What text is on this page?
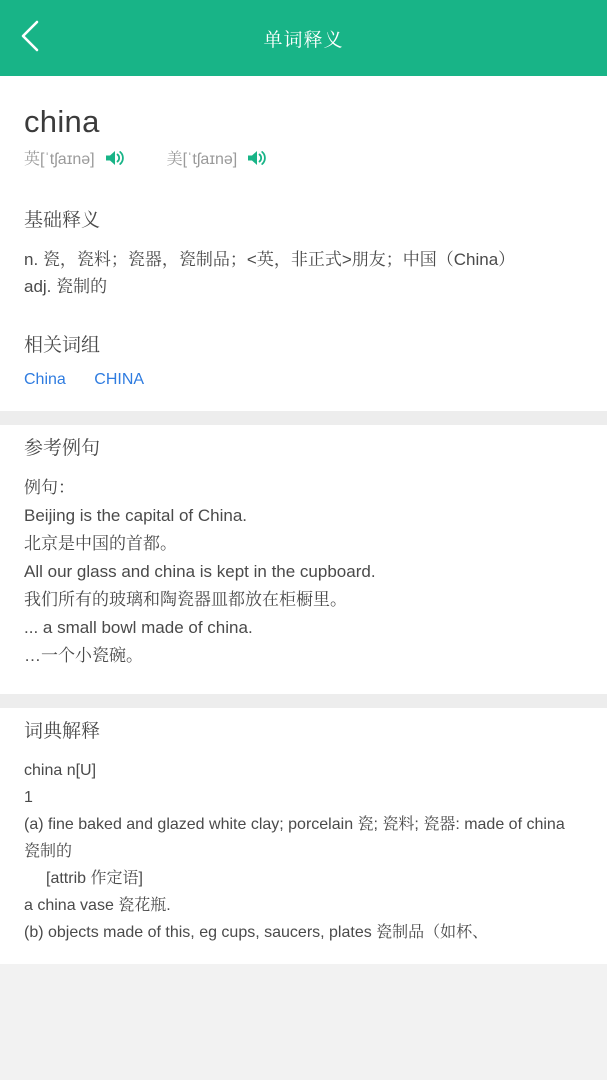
单词释义
china
英[ˈtʃaɪnə]	美[ˈtʃaɪnə]
基础释义
n. 瓷，瓷料；瓷器，瓷制品；<英，非正式>朋友；中国（China）
adj. 瓷制的
相关词组
China CHINA
参考例句
例句：
Beijing is the capital of China.
北京是中国的首都。
All our glass and china is kept in the cupboard.
我们所有的玻璃和陶瓷器皿都放在柜橱里。
... a small bowl made of china.
…一个小瓷碗。
词典解释
china n[U]
1
(a) fine baked and glazed white clay; porcelain 瓷; 瓷料; 瓷器: made of china 瓷制的
[attrib 作定语]
a china vase 瓷花瓶.
(b) objects made of this, eg cups, saucers, plates 瓷制品（如杯、
